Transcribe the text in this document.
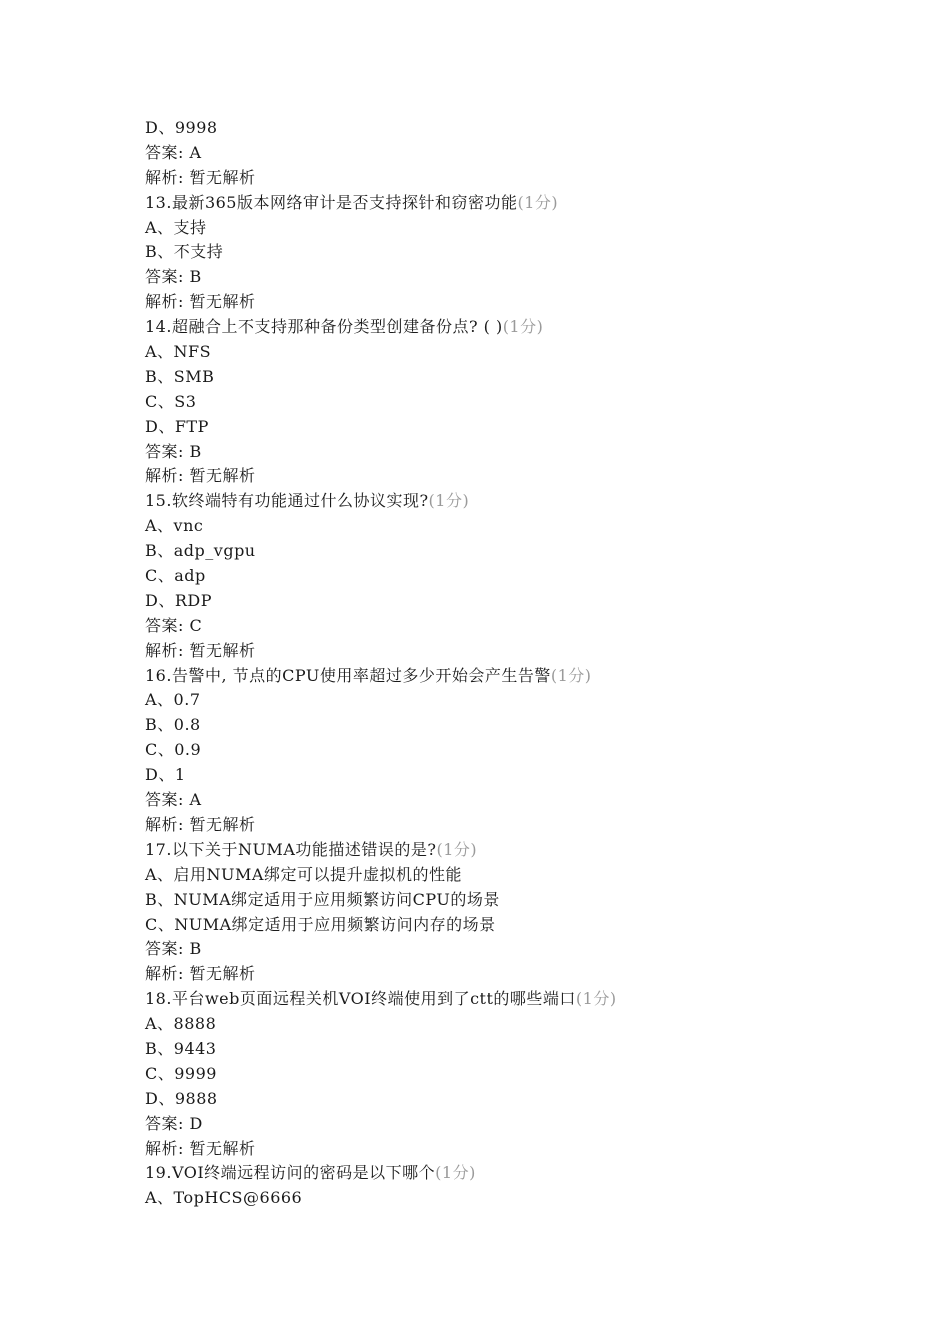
D、9998
答案: A
解析: 暂无解析
13.最新365版本网络审计是否支持探针和窃密功能(1分)
A、支持
B、不支持
答案: B
解析: 暂无解析
14.超融合上不支持那种备份类型创建备份点? ( )(1分)
A、NFS
B、SMB
C、S3
D、FTP
答案: B
解析: 暂无解析
15.软终端特有功能通过什么协议实现?(1分)
A、vnc
B、adp_vgpu
C、adp
D、RDP
答案: C
解析: 暂无解析
16.告警中, 节点的CPU使用率超过多少开始会产生告警(1分)
A、0.7
B、0.8
C、0.9
D、1
答案: A
解析: 暂无解析
17.以下关于NUMA功能描述错误的是?(1分)
A、启用NUMA绑定可以提升虚拟机的性能
B、NUMA绑定适用于应用频繁访问CPU的场景
C、NUMA绑定适用于应用频繁访问内存的场景
答案: B
解析: 暂无解析
18.平台web页面远程关机VOI终端使用到了ctt的哪些端口(1分)
A、8888
B、9443
C、9999
D、9888
答案: D
解析: 暂无解析
19.VOI终端远程访问的密码是以下哪个(1分)
A、TopHCS@6666
